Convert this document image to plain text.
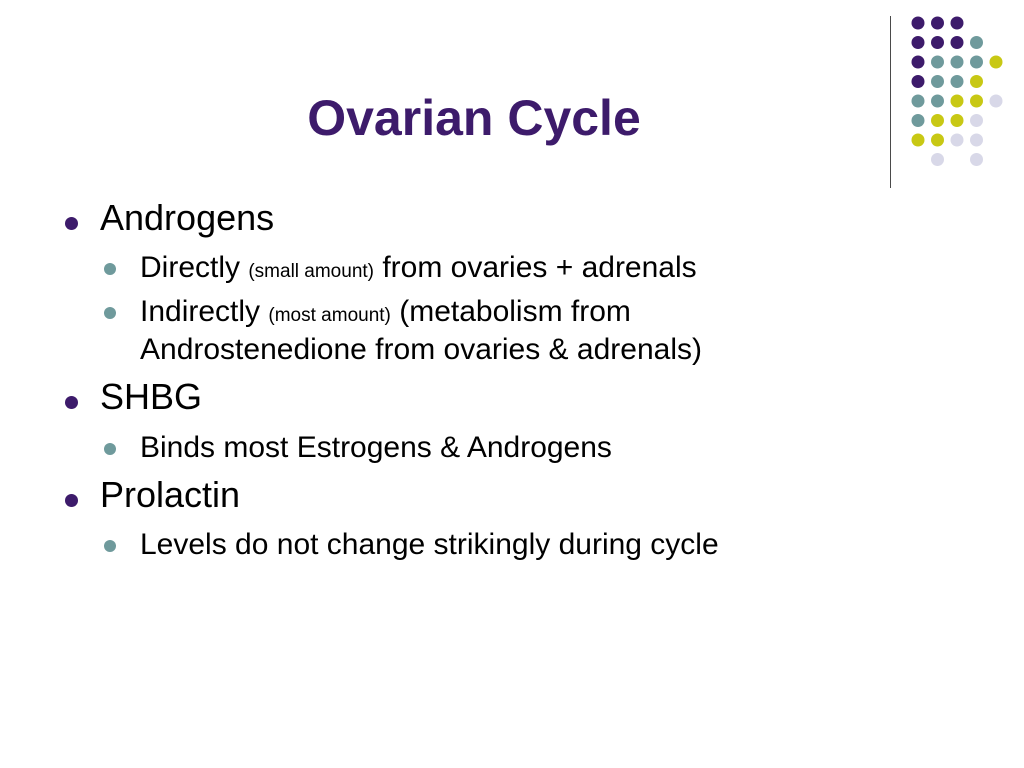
Ovarian Cycle
Androgens
Directly (small amount) from ovaries + adrenals
Indirectly (most amount) (metabolism from
Androstenedione from ovaries & adrenals)
SHBG
Binds most Estrogens & Androgens
Prolactin
Levels do not change strikingly during cycle
